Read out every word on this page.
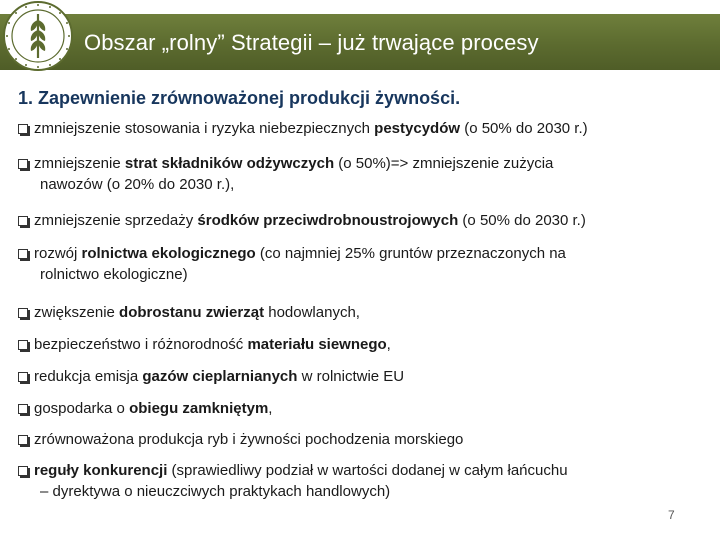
Obszar „rolny” Strategii – już trwające procesy
1. Zapewnienie zrównoważonej produkcji żywności.
zmniejszenie stosowania i ryzyka niebezpiecznych pestycydów (o 50% do 2030 r.)
zmniejszenie strat składników odżywczych (o 50%)=> zmniejszenie zużycia
nawozów (o 20% do 2030 r.),
zmniejszenie sprzedaży środków przeciwdrobnoustrojowych (o 50% do 2030 r.)
rozwój rolnictwa ekologicznego (co najmniej 25% gruntów przeznaczonych na
rolnictwo ekologiczne)
zwiększenie dobrostanu zwierząt hodowlanych,
bezpieczeństwo i różnorodność materiału siewnego,
redukcja emisja gazów cieplarnianych w rolnictwie EU
gospodarka o obiegu zamkniętym,
zrównoważona produkcja ryb i żywności pochodzenia morskiego
reguły konkurencji (sprawiedliwy podział w wartości dodanej w całym łańcuchu
– dyrektywa o nieuczciwych praktykach handlowych)
7
